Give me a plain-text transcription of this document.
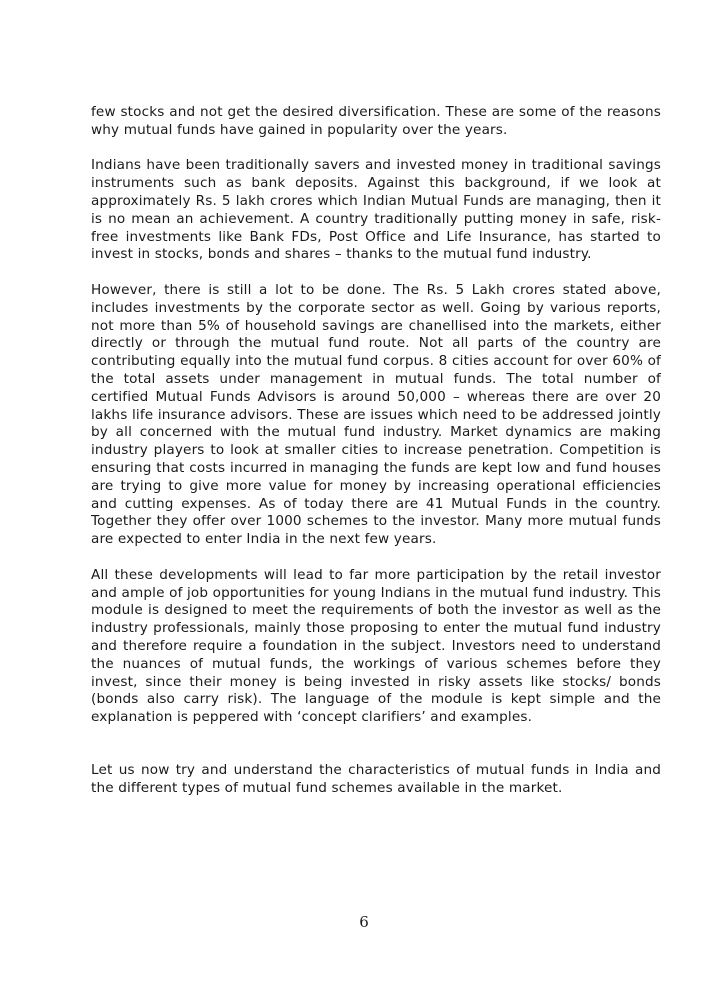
few stocks and not get the desired diversification. These are some of the reasons why mutual funds have gained in popularity over the years.

Indians have been traditionally savers and invested money in traditional savings instruments such as bank deposits. Against this background, if we look at approximately Rs. 5 lakh crores which Indian Mutual Funds are managing, then it is no mean an achievement. A country traditionally putting money in safe, risk-free investments like Bank FDs, Post Office and Life Insurance, has started to invest in stocks, bonds and shares – thanks to the mutual fund industry.

However, there is still a lot to be done. The Rs. 5 Lakh crores stated above, includes investments by the corporate sector as well. Going by various reports, not more than 5% of household savings are chanellised into the markets, either directly or through the mutual fund route. Not all parts of the country are contributing equally into the mutual fund corpus. 8 cities account for over 60% of the total assets under management in mutual funds. The total number of certified Mutual Funds Advisors is around 50,000 – whereas there are over 20 lakhs life insurance advisors. These are issues which need to be addressed jointly by all concerned with the mutual fund industry. Market dynamics are making industry players to look at smaller cities to increase penetration. Competition is ensuring that costs incurred in managing the funds are kept low and fund houses are trying to give more value for money by increasing operational efficiencies and cutting expenses. As of today there are 41 Mutual Funds in the country. Together they offer over 1000 schemes to the investor. Many more mutual funds are expected to enter India in the next few years.

All these developments will lead to far more participation by the retail investor and ample of job opportunities for young Indians in the mutual fund industry. This module is designed to meet the requirements of both the investor as well as the industry professionals, mainly those proposing to enter the mutual fund industry and therefore require a foundation in the subject. Investors need to understand the nuances of mutual funds, the workings of various schemes before they invest, since their money is being invested in risky assets like stocks/ bonds (bonds also carry risk). The language of the module is kept simple and the explanation is peppered with ‘concept clarifiers’ and examples.

Let us now try and understand the characteristics of mutual funds in India and the different types of mutual fund schemes available in the market.

6
